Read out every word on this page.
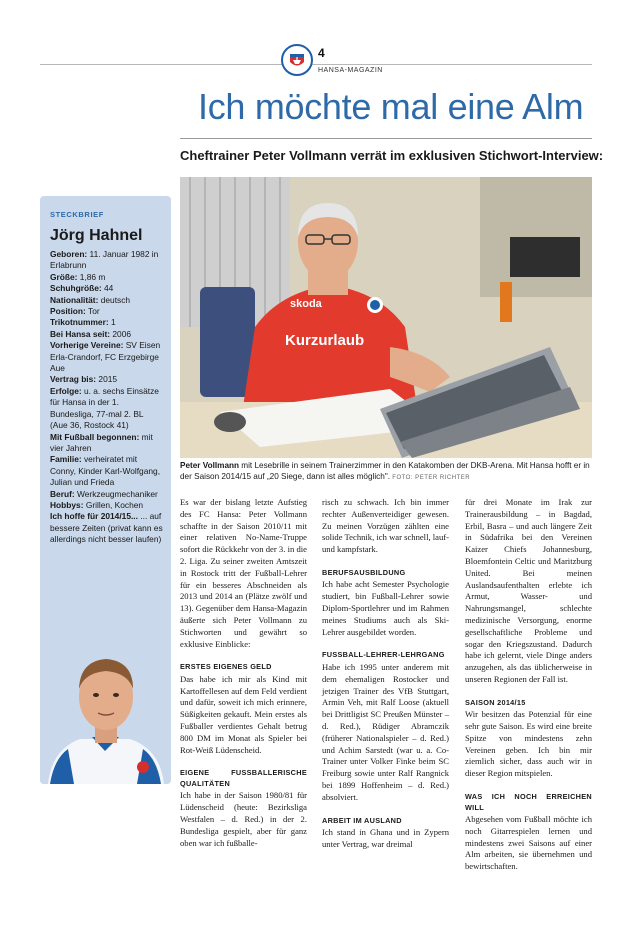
4
HANSA-MAGAZIN
Ich möchte mal eine Alm
Cheftrainer Peter Vollmann verrät im exklusiven Stichwort-Interview:
STECKBRIEF
Jörg Hahnel
Geboren: 11. Januar 1982 in Erlabrunn
Größe: 1,86 m
Schuhgröße: 44
Nationalität: deutsch
Position: Tor
Trikotnummer: 1
Bei Hansa seit: 2006
Vorherige Vereine: SV Eisen Erla-Crandorf, FC Erzgebirge Aue
Vertrag bis: 2015
Erfolge: u. a. sechs Einsätze für Hansa in der 1. Bundesliga, 77-mal 2. BL (Aue 36, Rostock 41)
Mit Fußball begonnen: mit vier Jahren
Familie: verheiratet mit Conny, Kinder Karl-Wolfgang, Julian und Frieda
Beruf: Werkzeugmechaniker
Hobbys: Grillen, Kochen
Ich hoffe für 2014/15... ... auf bessere Zeiten (privat kann es allerdings nicht besser laufen)
skoda
Kurzurlaub
Peter Vollmann mit Lesebrille in seinem Trainerzimmer in den Katakomben der DKB-Arena. Mit Hansa hofft er in der Saison 2014/15 auf „20 Siege, dann ist alles möglich". FOTO: PETER RICHTER

Es war der bislang letzte Aufstieg des FC Hansa: Peter Vollmann schaffte in der Saison 2010/11 mit einer relativen No-Name-Truppe sofort die Rückkehr von der 3. in die 2. Liga. Zu seiner zweiten Amtszeit in Rostock tritt der Fußball-Lehrer für ein besseres Abschneiden als 2013 und 2014 an (Plätze zwölf und 13). Gegenüber dem Hansa-Magazin äußerte sich Peter Vollmann zu Stichworten und gewährt so exklusive Einblicke:

ERSTES EIGENES GELD

Das habe ich mir als Kind mit Kartoffellesen auf dem Feld verdient und dafür, soweit ich mich erinnere, Süßigkeiten gekauft. Mein erstes als Fußballer verdientes Gehalt betrug 800 DM im Monat als Spieler bei Rot-Weiß Lüdenscheid.

EIGENE FUSSBALLERISCHE QUALITÄTEN

Ich habe in der Saison 1980/81 für Lüdenscheid (heute: Bezirksliga Westfalen – d. Red.) in der 2. Bundesliga gespielt, aber für ganz oben war ich fußballe-

risch zu schwach. Ich bin immer rechter Außenverteidiger gewesen. Zu meinen Vorzügen zählten eine solide Technik, ich war schnell, lauf- und kampfstark.

BERUFSAUSBILDUNG

Ich habe acht Semester Psychologie studiert, bin Fußball-Lehrer sowie Diplom-Sportlehrer und im Rahmen meines Studiums auch als Ski-Lehrer ausgebildet worden.

FUSSBALL-LEHRER-LEHRGANG

Habe ich 1995 unter anderem mit dem ehemaligen Rostocker und jetzigen Trainer des VfB Stuttgart, Armin Veh, mit Ralf Loose (aktuell bei Drittligist SC Preußen Münster – d. Red.), Rüdiger Abramczik (früherer Nationalspieler – d. Red.) und Achim Sarstedt (war u. a. Co-Trainer unter Volker Finke beim SC Freiburg sowie unter Ralf Rangnick bei 1899 Hoffenheim – d. Red.) absolviert.

ARBEIT IM AUSLAND

Ich stand in Ghana und in Zypern unter Vertrag, war dreimal

für drei Monate im Irak zur Trainerausbildung – in Bagdad, Erbil, Basra – und auch längere Zeit in Südafrika bei den Vereinen Kaizer Chiefs Johannesburg, Bloemfontein Celtic und Maritzburg United. Bei meinen Auslandsaufenthalten erlebte ich Armut, Wasser- und Nahrungsmangel, schlechte medizinische Versorgung, enorme gesellschaftliche Probleme und sogar den Kriegszustand. Dadurch habe ich gelernt, viele Dinge anders anzugehen, als das üblicherweise in unseren Regionen der Fall ist.

SAISON 2014/15

Wir besitzen das Potenzial für eine sehr gute Saison. Es wird eine breite Spitze von mindestens zehn Vereinen geben. Ich bin mir ziemlich sicher, dass auch wir in dieser Region mitspielen.

WAS ICH NOCH ERREICHEN WILL

Abgesehen vom Fußball möchte ich noch Gitarrespielen lernen und mindestens zwei Saisons auf einer Alm arbeiten, sie übernehmen und bewirtschaften.
